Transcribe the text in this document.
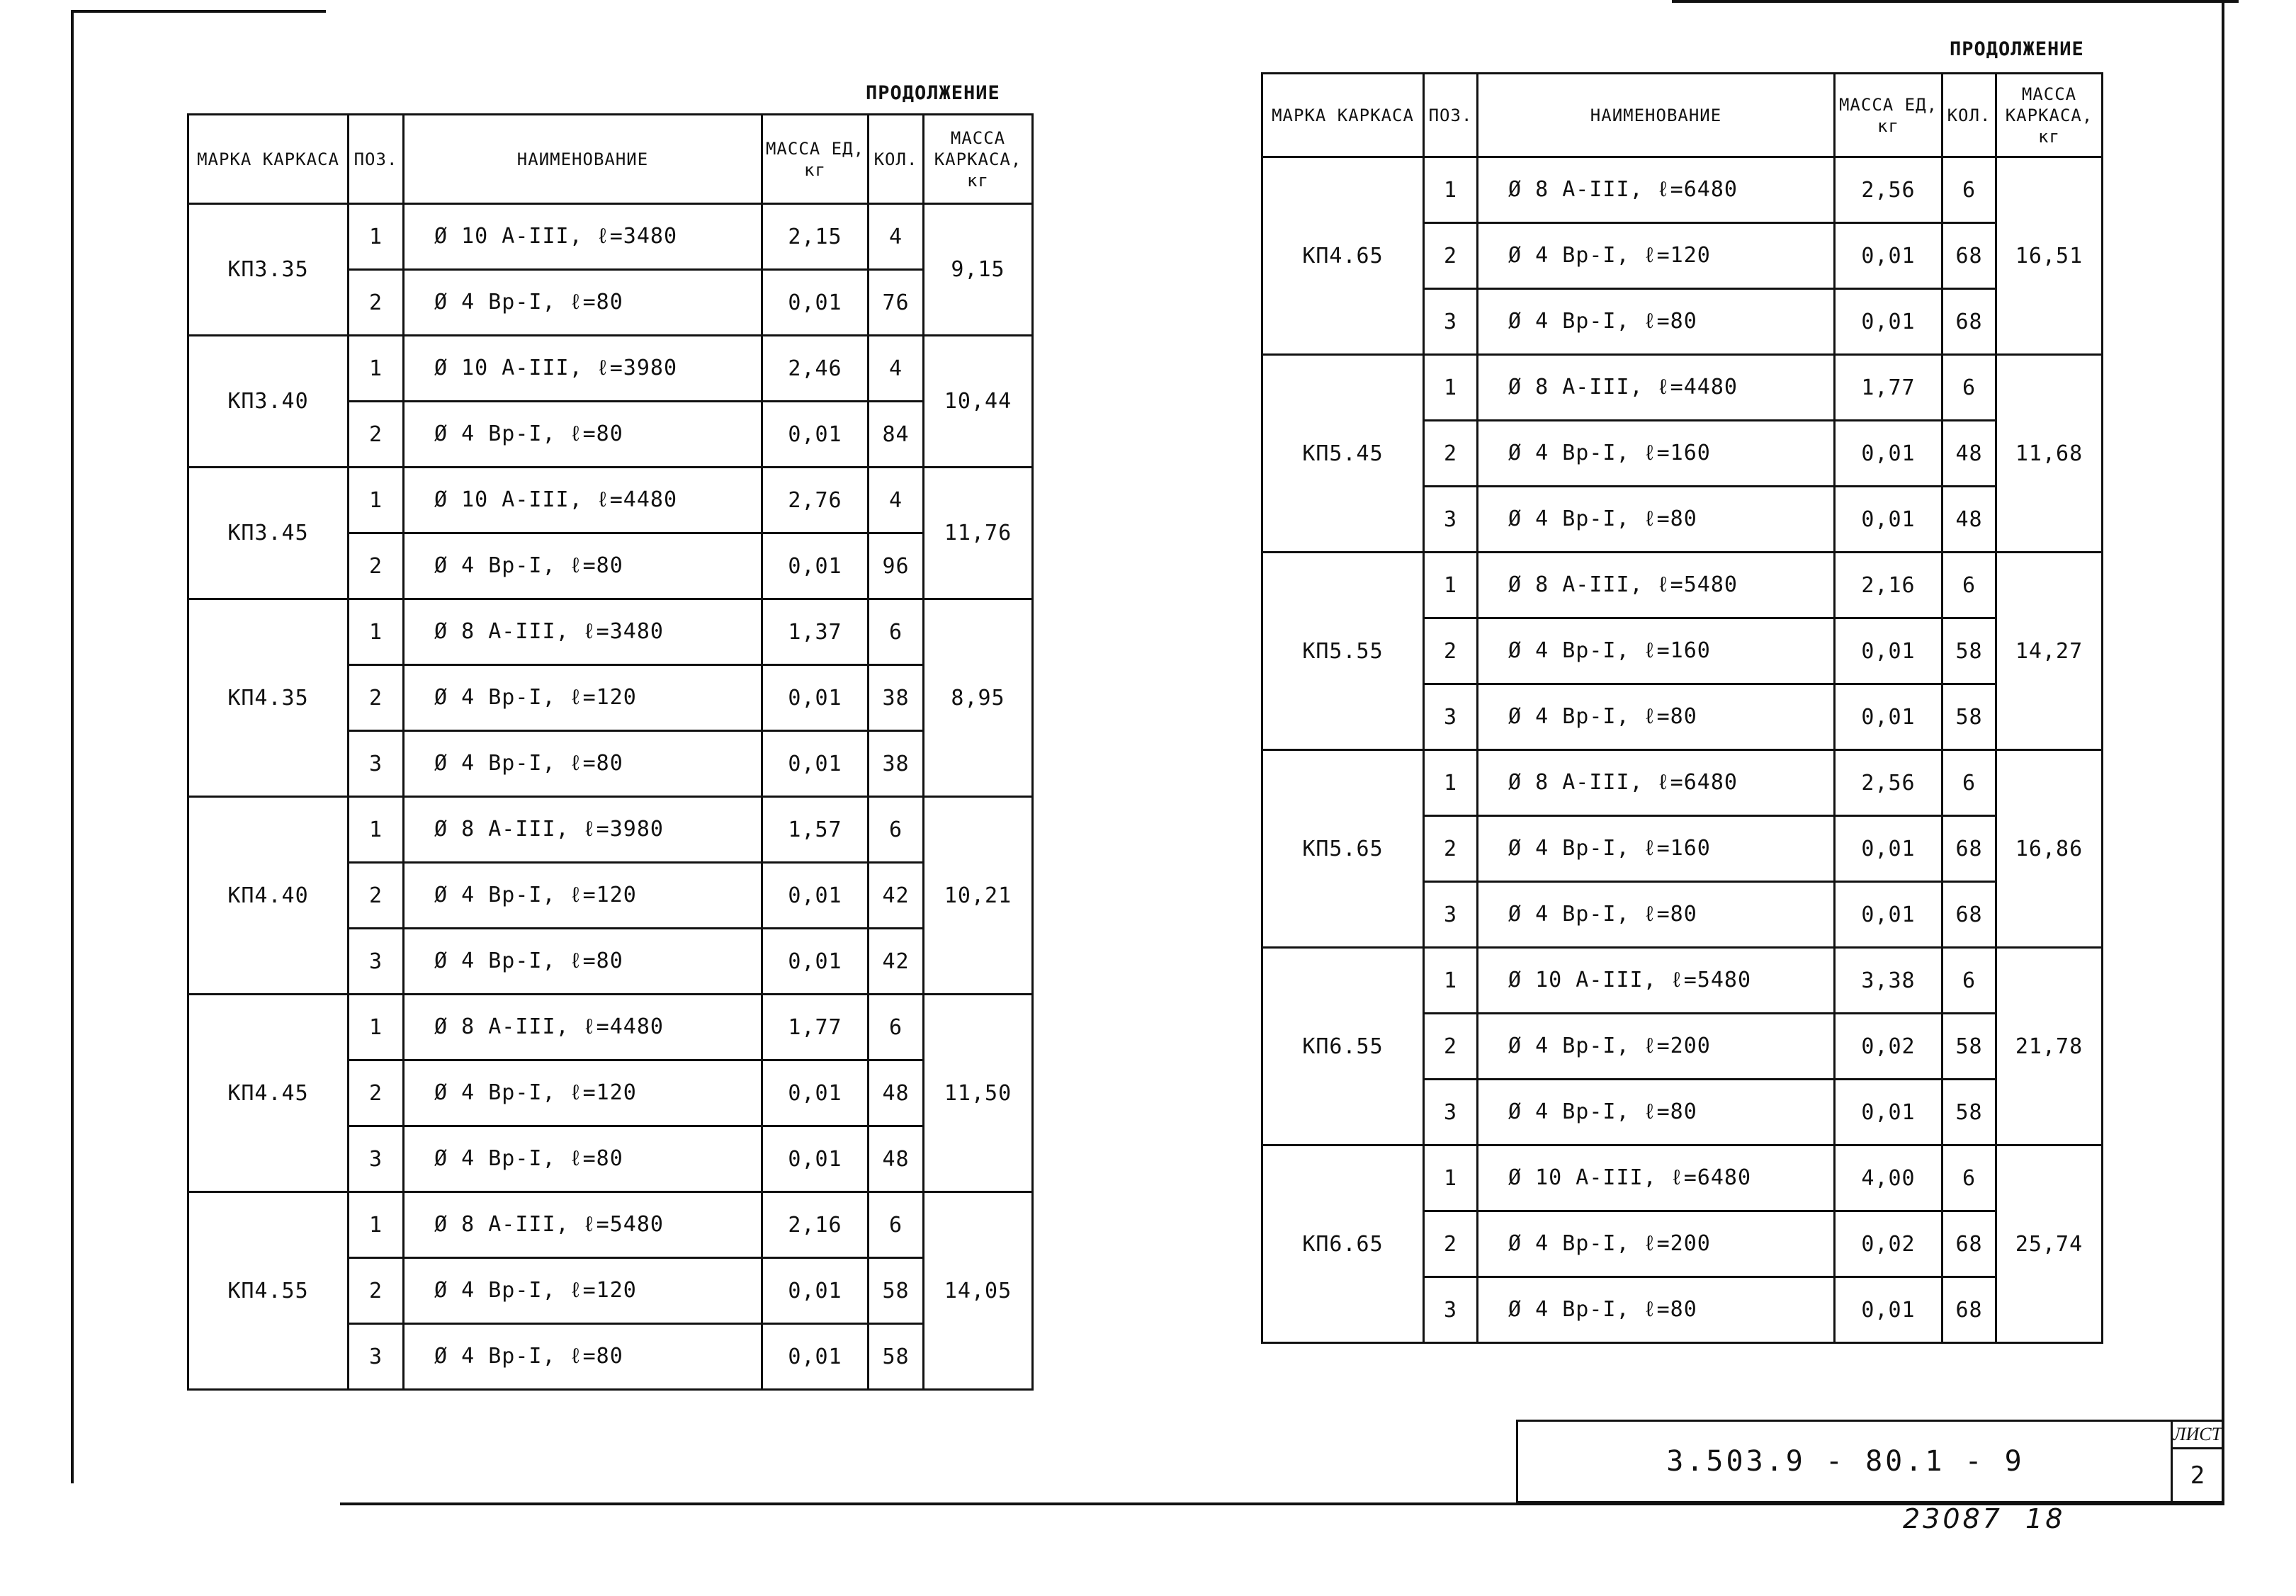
ПРОДОЛЖЕНИЕ
ПРОДОЛЖЕНИЕ
МАРКА КАРКАСА	ПОЗ.	НАИМЕНОВАНИЕ	МАССА ЕД, кг	КОЛ.	МАССА КАРКАСА, кг
КП3.35	1	Ø 10 А-III, ℓ=3480	2,15	4	9,15
	2	Ø 4 Вр-I, ℓ=80	0,01	76	
КП3.40	1	Ø 10 А-III, ℓ=3980	2,46	4	10,44
	2	Ø 4 Вр-I, ℓ=80	0,01	84	
КП3.45	1	Ø 10 А-III, ℓ=4480	2,76	4	11,76
	2	Ø 4 Вр-I, ℓ=80	0,01	96	
КП4.35	1	Ø 8 А-III, ℓ=3480	1,37	6	8,95
	2	Ø 4 Вр-I, ℓ=120	0,01	38	
	3	Ø 4 Вр-I, ℓ=80	0,01	38	
КП4.40	1	Ø 8 А-III, ℓ=3980	1,57	6	10,21
	2	Ø 4 Вр-I, ℓ=120	0,01	42	
	3	Ø 4 Вр-I, ℓ=80	0,01	42	
КП4.45	1	Ø 8 А-III, ℓ=4480	1,77	6	11,50
	2	Ø 4 Вр-I, ℓ=120	0,01	48	
	3	Ø 4 Вр-I, ℓ=80	0,01	48	
КП4.55	1	Ø 8 А-III, ℓ=5480	2,16	6	14,05
	2	Ø 4 Вр-I, ℓ=120	0,01	58	
	3	Ø 4 Вр-I, ℓ=80	0,01	58	
МАРКА КАРКАСА	ПОЗ.	НАИМЕНОВАНИЕ	МАССА ЕД, кг	КОЛ.	МАССА КАРКАСА, кг
КП4.65	1	Ø 8 А-III, ℓ=6480	2,56	6	16,51
	2	Ø 4 Вр-I, ℓ=120	0,01	68	
	3	Ø 4 Вр-I, ℓ=80	0,01	68	
КП5.45	1	Ø 8 А-III, ℓ=4480	1,77	6	11,68
	2	Ø 4 Вр-I, ℓ=160	0,01	48	
	3	Ø 4 Вр-I, ℓ=80	0,01	48	
КП5.55	1	Ø 8 А-III, ℓ=5480	2,16	6	14,27
	2	Ø 4 Вр-I, ℓ=160	0,01	58	
	3	Ø 4 Вр-I, ℓ=80	0,01	58	
КП5.65	1	Ø 8 А-III, ℓ=6480	2,56	6	16,86
	2	Ø 4 Вр-I, ℓ=160	0,01	68	
	3	Ø 4 Вр-I, ℓ=80	0,01	68	
КП6.55	1	Ø 10 А-III, ℓ=5480	3,38	6	21,78
	2	Ø 4 Вр-I, ℓ=200	0,02	58	
	3	Ø 4 Вр-I, ℓ=80	0,01	58	
КП6.65	1	Ø 10 А-III, ℓ=6480	4,00	6	25,74
	2	Ø 4 Вр-I, ℓ=200	0,02	68	
	3	Ø 4 Вр-I, ℓ=80	0,01	68	
3.503.9 - 80.1 - 9
ЛИСТ
2
23087  18
